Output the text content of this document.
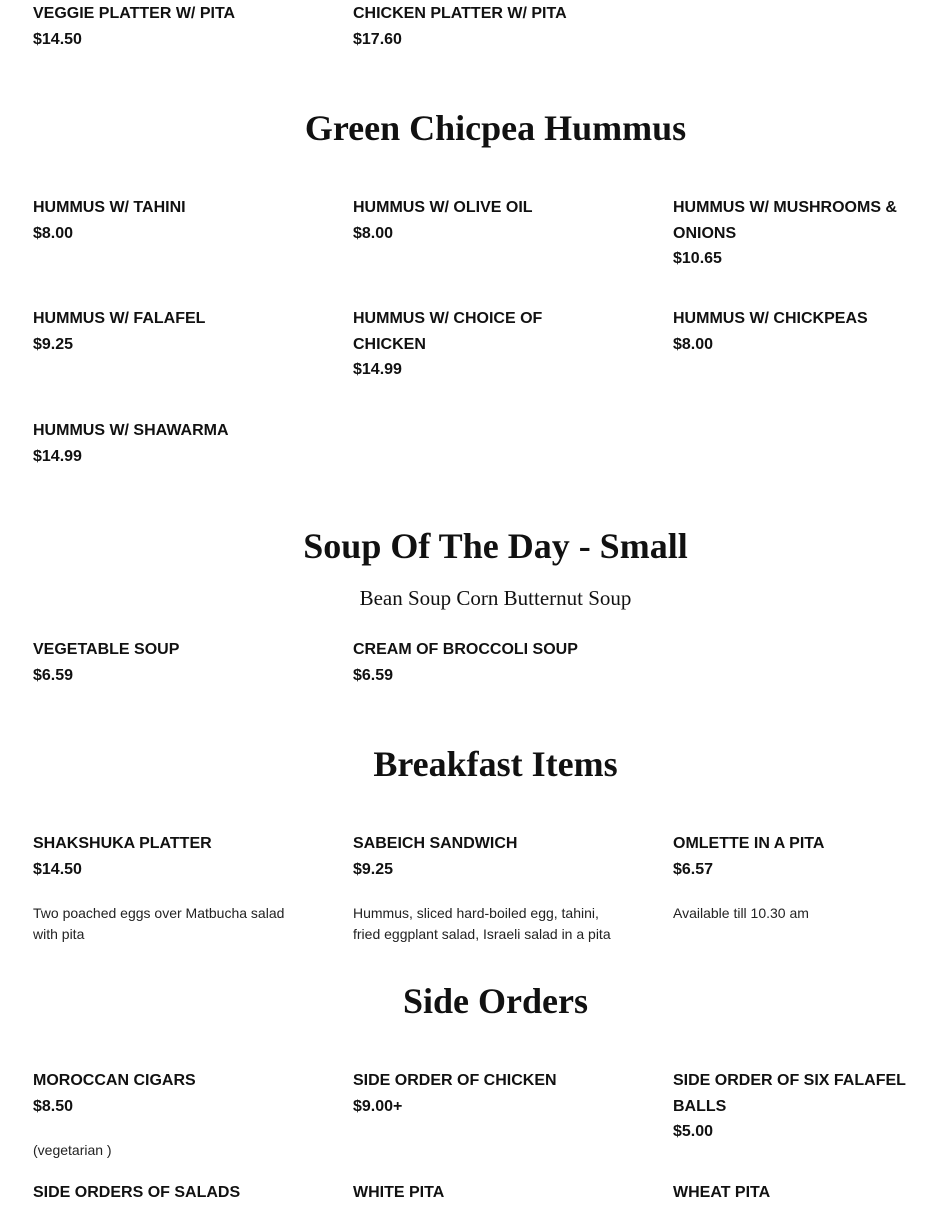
VEGGIE PLATTER W/ PITA
$14.50
CHICKEN PLATTER W/ PITA
$17.60
Green Chicpea Hummus
HUMMUS W/ TAHINI
$8.00
HUMMUS W/ OLIVE OIL
$8.00
HUMMUS W/ MUSHROOMS & ONIONS
$10.65
HUMMUS W/ FALAFEL
$9.25
HUMMUS W/ CHOICE OF CHICKEN
$14.99
HUMMUS W/ CHICKPEAS
$8.00
HUMMUS W/ SHAWARMA
$14.99
Soup Of The Day - Small
Bean Soup Corn Butternut Soup
VEGETABLE SOUP
$6.59
CREAM OF BROCCOLI SOUP
$6.59
Breakfast Items
SHAKSHUKA PLATTER
$14.50
Two poached eggs over Matbucha salad with pita
SABEICH SANDWICH
$9.25
Hummus, sliced hard-boiled egg, tahini, fried eggplant salad, Israeli salad in a pita
OMLETTE IN A PITA
$6.57
Available till 10.30 am
Side Orders
MOROCCAN CIGARS
$8.50
(vegetarian )
SIDE ORDER OF CHICKEN
$9.00+
SIDE ORDER OF SIX FALAFEL BALLS
$5.00
SIDE ORDERS OF SALADS	WHITE PITA	WHEAT PITA
